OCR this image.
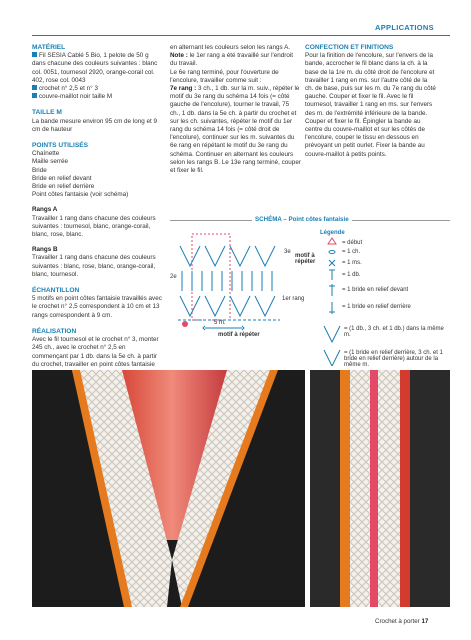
APPLICATIONS
MATÉRIEL

Fil SESIA Cablé 5 Bio, 1 pelote de 50 g dans chacune des couleurs suivantes : blanc col. 0051, tournesol 2920, orange-corail col. 402, rose col. 0043

crochet n° 2,5 et n° 3

couvre-maillot noir taille M

TAILLE M

La bande mesure environ 95 cm de long et 9 cm de hauteur

POINTS UTILISÉS

Chaînette

Maille serrée

Bride

Bride en relief devant

Bride en relief derrière

Point côtes fantaisie (voir schéma)

Rangs A

Travailler 1 rang dans chacune des couleurs suivantes : tournesol, blanc, orange-corail, blanc, rose, blanc.

Rangs B

Travailler 1 rang dans chacune des couleurs suivantes : blanc, rose, blanc, orange-corail, blanc, tournesol.

ÉCHANTILLON

5 motifs en point côtes fantaisie travaillés avec le crochet n° 2,5 correspondent à 10 cm et 13 rangs correspondent à 9 cm.

RÉALISATION

Avec le fil tournesol et le crochet n° 3, monter 245 ch., avec le crochet n° 2,5 en commençant par 1 db. dans la 5e ch. à partir du crochet, travailler en point côtes fantaisie

en alternant les couleurs selon les rangs A.

Note : le 1er rang a été travaillé sur l'endroit du travail.

Le 6e rang terminé, pour l'ouverture de l'encolure, travailler comme suit :

7e rang : 3 ch., 1 db. sur la m. suiv., répéter le motif du 3e rang du schéma 14 fois (= côté gauche de l'encolure), tourner le travail, 75 ch., 1 db. dans la 5e ch. à partir du crochet et sur les ch. suivantes, répéter le motif du 1er rang du schéma 14 fois (= côté droit de l'encolure), continuer sur les m. suivantes du 6e rang en répétant le motif du 3e rang du schéma. Continuer en alternant les couleurs selon les rangs B. Le 13e rang terminé, couper et fixer le fil.

CONFECTION ET FINITIONS

Pour la finition de l'encolure, sur l'envers de la bande, accrocher le fil blanc dans la ch. à la base de la 1re m. du côté droit de l'encolure et travailler 1 rang en ms. sur l'autre côté de la ch. de base, puis sur les m. du 7e rang du côté gauche. Couper et fixer le fil. Avec le fil tournesol, travailler 1 rang en ms. sur l'envers des m. de l'extrémité inférieure de la bande. Couper et fixer le fil. Épingler la bande au centre du couvre-maillot et sur les côtés de l'encolure, couper le tissu en dessous en prévoyant un petit ourlet. Fixer la bande au couvre-maillot à petits points.

SCHÉMA – Point côtes fantaisie
3e
2e
1er rang
motif à répéter
5 m.
motif à répéter
Légende
= début
= 1 ch.
= 1 ms.
= 1 db.
= 1 bride en relief devant
= 1 bride en relief derrière
= (1 db., 3 ch. et 1 db.) dans la même m.
= (1 bride en relief derrière, 3 ch. et 1 bride en relief derrière) autour de la même m.
Crochet à porter 17
